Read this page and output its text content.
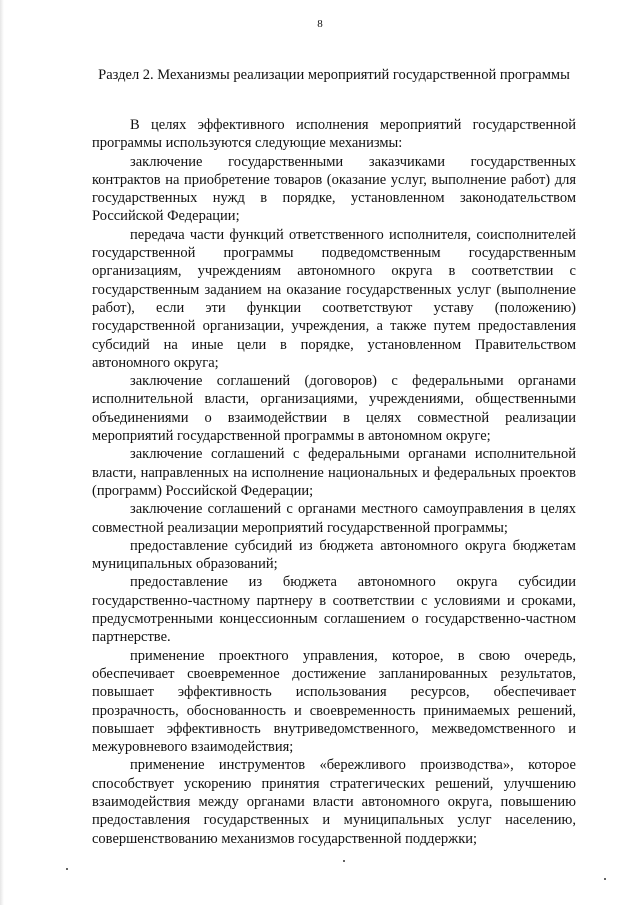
8
Раздел 2. Механизмы реализации мероприятий государственной программы

В целях эффективного исполнения мероприятий государственной программы используются следующие механизмы:

заключение государственными заказчиками государственных контрактов на приобретение товаров (оказание услуг, выполнение работ) для государственных нужд в порядке, установленном законодательством Российской Федерации;

передача части функций ответственного исполнителя, соисполнителей государственной программы подведомственным государственным организациям, учреждениям автономного округа в соответствии с государственным заданием на оказание государственных услуг (выполнение работ), если эти функции соответствуют уставу (положению) государственной организации, учреждения, а также путем предоставления субсидий на иные цели в порядке, установленном Правительством автономного округа;

заключение соглашений (договоров) с федеральными органами исполнительной власти, организациями, учреждениями, общественными объединениями о взаимодействии в целях совместной реализации мероприятий государственной программы в автономном округе;

заключение соглашений с федеральными органами исполнительной власти, направленных на исполнение национальных и федеральных проектов (программ) Российской Федерации;

заключение соглашений с органами местного самоуправления в целях совместной реализации мероприятий государственной программы;

предоставление субсидий из бюджета автономного округа бюджетам муниципальных образований;

предоставление из бюджета автономного округа субсидии государственно-частному партнеру в соответствии с условиями и сроками, предусмотренными концессионным соглашением о государственно-частном партнерстве.

применение проектного управления, которое, в свою очередь, обеспечивает своевременное достижение запланированных результатов, повышает эффективность использования ресурсов, обеспечивает прозрачность, обоснованность и своевременность принимаемых решений, повышает эффективность внутриведомственного, межведомственного и межуровневого взаимодействия;

применение инструментов «бережливого производства», которое способствует ускорению принятия стратегических решений, улучшению взаимодействия между органами власти автономного округа, повышению предоставления государственных и муниципальных услуг населению, совершенствованию механизмов государственной поддержки;
